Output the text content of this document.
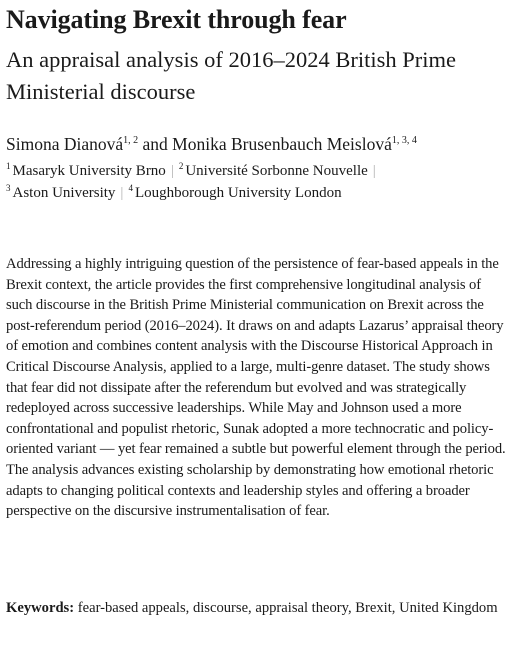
Navigating Brexit through fear
An appraisal analysis of 2016–2024 British Prime Ministerial discourse

Simona Dianová$^{1, 2}$ and Monika Brusenbauch Meislová$^{1, 3, 4}$

$^1$ Masaryk University Brno | $^2$ Université Sorbonne Nouvelle |
$^3$ Aston University | $^4$ Loughborough University London

Addressing a highly intriguing question of the persistence of fear-based appeals in the Brexit context, the article provides the first comprehensive longitudinal analysis of such discourse in the British Prime Ministerial communication on Brexit across the post-referendum period (2016–2024). It draws on and adapts Lazarus’ appraisal theory of emotion and combines content analysis with the Discourse Historical Approach in Critical Discourse Analysis, applied to a large, multi-genre dataset. The study shows that fear did not dissipate after the referendum but evolved and was strategically redeployed across successive leaderships. While May and Johnson used a more confrontational and populist rhetoric, Sunak adopted a more technocratic and policy-oriented variant — yet fear remained a subtle but powerful element through the period. The analysis advances existing scholarship by demonstrating how emotional rhetoric adapts to changing political contexts and leadership styles and offering a broader perspective on the discursive instrumentalisation of fear.

Keywords: fear-based appeals, discourse, appraisal theory, Brexit, United Kingdom
